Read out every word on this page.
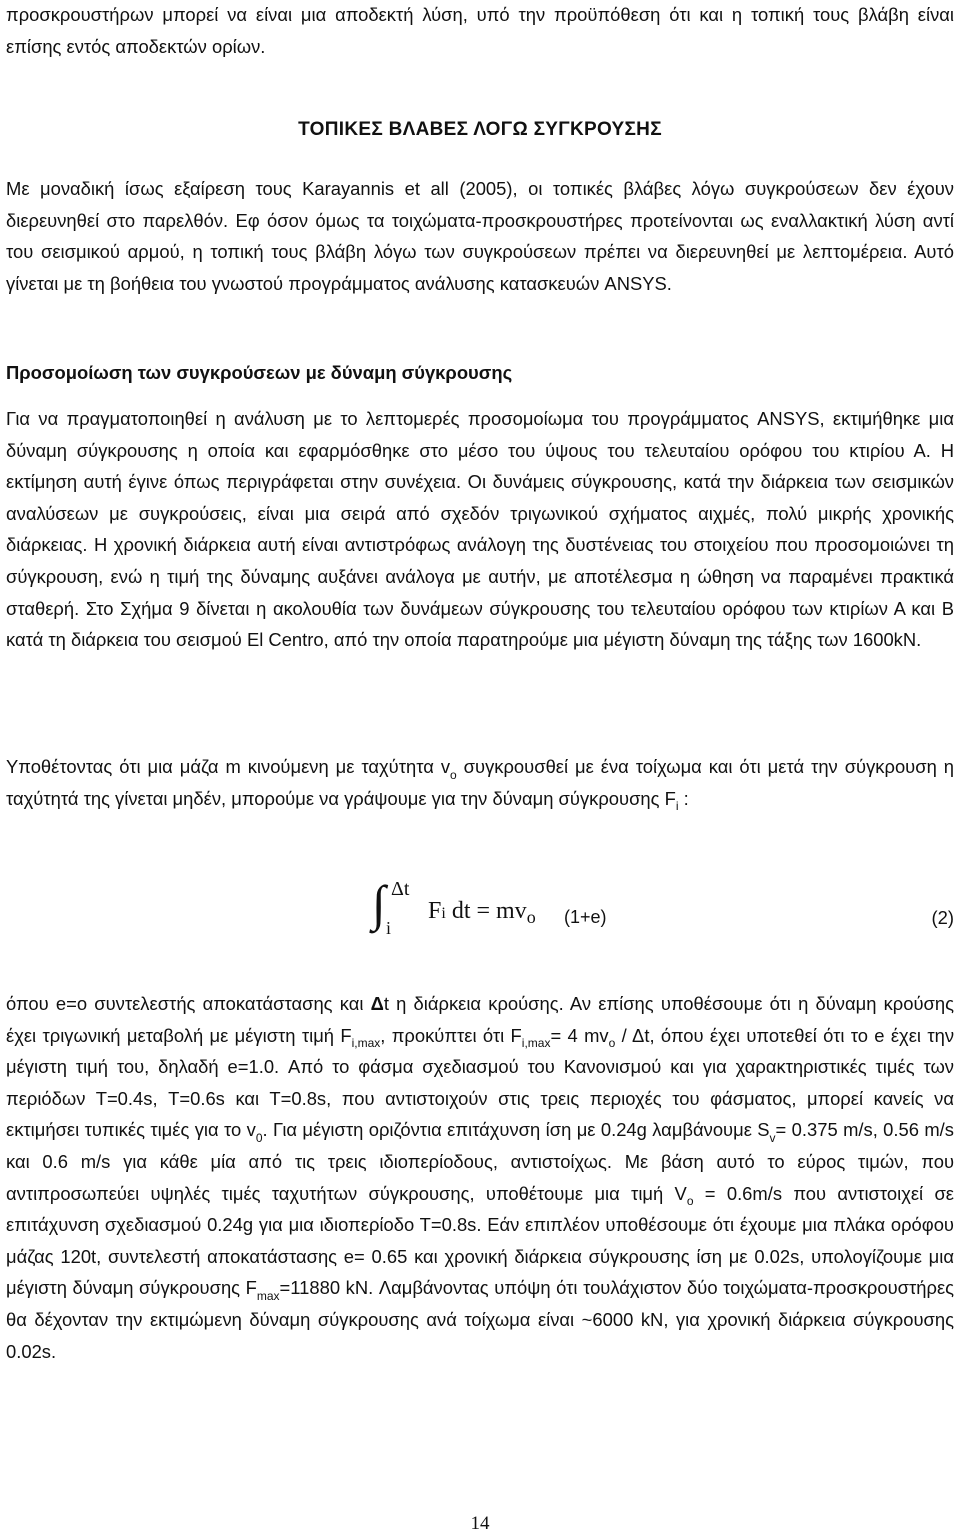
προσκρουστήρων μπορεί να είναι μια αποδεκτή λύση, υπό την προϋπόθεση ότι και η τοπική τους βλάβη είναι επίσης εντός αποδεκτών ορίων.

ΤΟΠΙΚΕΣ ΒΛΑΒΕΣ ΛΟΓΩ ΣΥΓΚΡΟΥΣΗΣ

Με μοναδική ίσως εξαίρεση τους Karayannis et all (2005), οι τοπικές βλάβες λόγω συγκρούσεων δεν έχουν διερευνηθεί στο παρελθόν. Εφ όσον όμως τα τοιχώματα-προσκρουστήρες προτείνονται ως εναλλακτική λύση αντί του σεισμικού αρμού, η τοπική τους βλάβη λόγω των συγκρούσεων πρέπει να διερευνηθεί με λεπτομέρεια. Αυτό γίνεται με τη βοήθεια του γνωστού προγράμματος ανάλυσης κατασκευών ANSYS.

Προσομοίωση των συγκρούσεων με δύναμη σύγκρουσης

Για να πραγματοποιηθεί η ανάλυση με το λεπτομερές προσομοίωμα του προγράμματος ANSYS, εκτιμήθηκε μια δύναμη σύγκρουσης η οποία και εφαρμόσθηκε στο μέσο του ύψους του τελευταίου ορόφου του κτιρίου Α. Η εκτίμηση αυτή έγινε όπως περιγράφεται στην συνέχεια. Οι δυνάμεις σύγκρουσης, κατά την διάρκεια των σεισμικών αναλύσεων με συγκρούσεις, είναι μια σειρά από σχεδόν τριγωνικού σχήματος αιχμές, πολύ μικρής χρονικής διάρκειας. Η χρονική διάρκεια αυτή είναι αντιστρόφως ανάλογη της δυστένειας του στοιχείου που προσομοιώνει τη σύγκρουση, ενώ η τιμή της δύναμης αυξάνει ανάλογα με αυτήν, με αποτέλεσμα η ώθηση να παραμένει πρακτικά σταθερή. Στο Σχήμα 9 δίνεται η ακολουθία των δυνάμεων σύγκρουσης του τελευταίου ορόφου των κτιρίων Α και Β κατά τη διάρκεια του σεισμού El Centro, από την οποία παρατηρούμε μια μέγιστη δύναμη της τάξης των 1600kN.

Υποθέτοντας ότι μια μάζα m κινούμενη με ταχύτητα $v_o$ συγκρουσθεί με ένα τοίχωμα και ότι μετά την σύγκρουση η ταχύτητά της γίνεται μηδέν, μπορούμε να γράψουμε για την δύναμη σύγκρουσης $F_i$ :

∫ Δt
i
Fi dt = $mv_o$ (1+e)	(2)

όπου e=ο συντελεστής αποκατάστασης και Δt η διάρκεια κρούσης. Αν επίσης υποθέσουμε ότι η δύναμη κρούσης έχει τριγωνική μεταβολή με μέγιστη τιμή $F_{i,max}$, προκύπτει ότι $F_{i,max}= 4$ $mv_o$ / Δt, όπου έχει υποτεθεί ότι το e έχει την μέγιστη τιμή του, δηλαδή e=1.0. Από το φάσμα σχεδιασμού του Κανονισμού και για χαρακτηριστικές τιμές των περιόδων Τ=0.4s, Τ=0.6s και Τ=0.8s, που αντιστοιχούν στις τρεις περιοχές του φάσματος, μπορεί κανείς να εκτιμήσει τυπικές τιμές για το $v_0$. Για μέγιστη οριζόντια επιτάχυνση ίση με 0.24g λαμβάνουμε $S_v= 0.375$ m/s, 0.56 m/s και 0.6 m/s για κάθε μία από τις τρεις ιδιοπερίοδους, αντιστοίχως. Με βάση αυτό το εύρος τιμών, που αντιπροσωπεύει υψηλές τιμές ταχυτήτων σύγκρουσης, υποθέτουμε μια τιμή $V_o = 0.6m/s$ που αντιστοιχεί σε επιτάχυνση σχεδιασμού 0.24g για μια ιδιοπερίοδο Τ=0.8s. Εάν επιπλέον υποθέσουμε ότι έχουμε μια πλάκα ορόφου μάζας 120t, συντελεστή αποκατάστασης e= 0.65 και χρονική διάρκεια σύγκρουσης ίση με 0.02s, υπολογίζουμε μια μέγιστη δύναμη σύγκρουσης $F_{max}=11880$ kN. Λαμβάνοντας υπόψη ότι τουλάχιστον δύο τοιχώματα-προσκρουστήρες θα δέχονταν την εκτιμώμενη δύναμη σύγκρουσης ανά τοίχωμα είναι ~6000 kN, για χρονική διάρκεια σύγκρουσης 0.02s.

14
